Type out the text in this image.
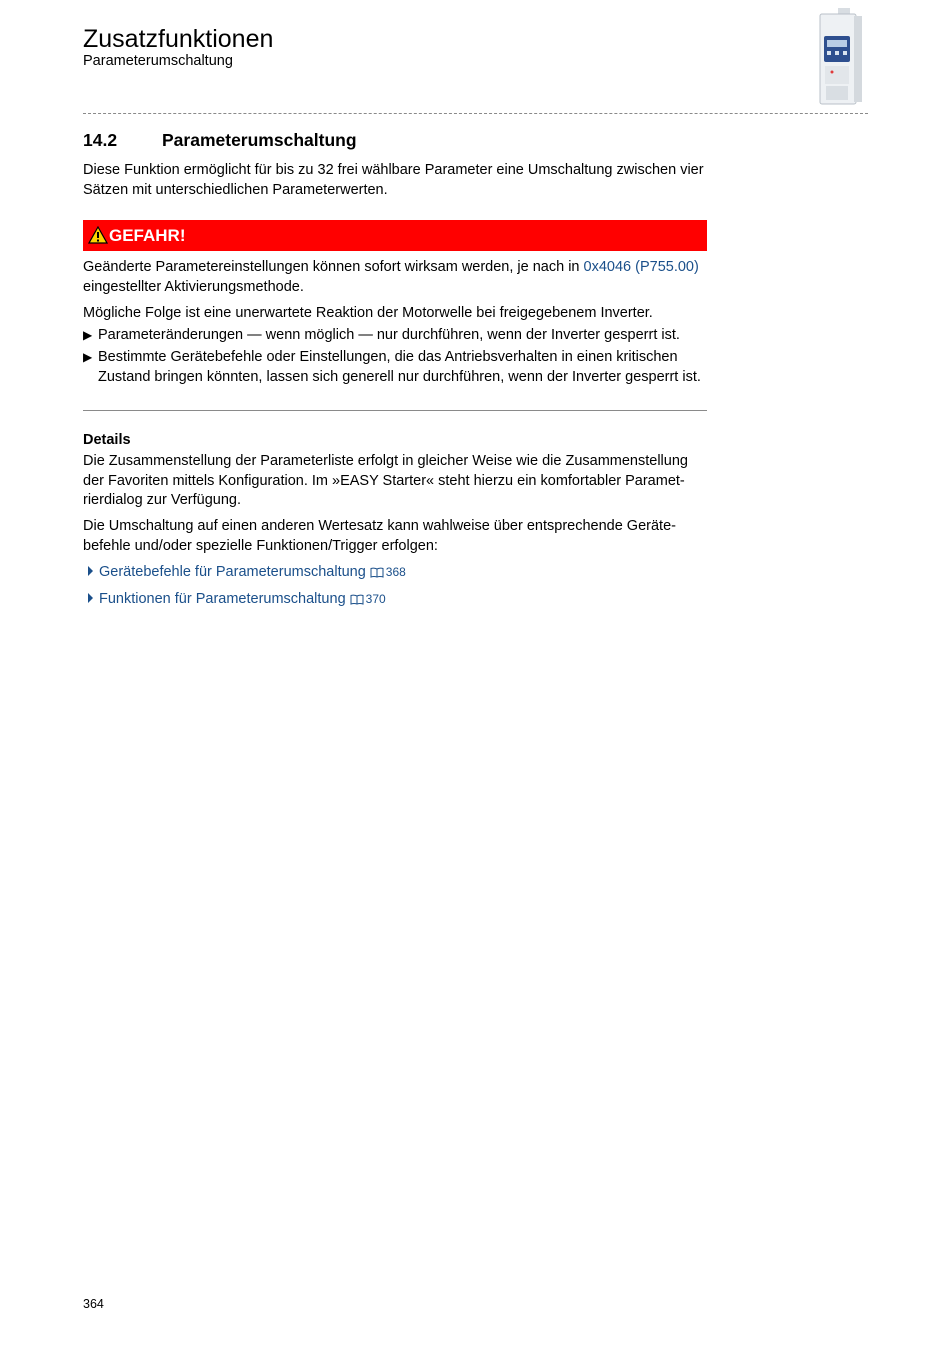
Zusatzfunktionen
Parameterumschaltung
14.2	Parameterumschaltung
Diese Funktion ermöglicht für bis zu 32 frei wählbare Parameter eine Umschaltung zwischen vier Sätzen mit unterschiedlichen Parameterwerten.
GEFAHR!
Geänderte Parametereinstellungen können sofort wirksam werden, je nach in 0x4046 (P755.00) eingestellter Aktivierungsmethode.
Mögliche Folge ist eine unerwartete Reaktion der Motorwelle bei freigegebenem Inverter.
▶ Parameteränderungen — wenn möglich — nur durchführen, wenn der Inverter gesperrt ist.
▶ Bestimmte Gerätebefehle oder Einstellungen, die das Antriebsverhalten in einen kritischen Zustand bringen könnten, lassen sich generell nur durchführen, wenn der Inverter gesperrt ist.
Details
Die Zusammenstellung der Parameterliste erfolgt in gleicher Weise wie die Zusammenstellung der Favoriten mittels Konfiguration. Im »EASY Starter« steht hierzu ein komfortabler Parametrierdialog zur Verfügung.
Die Umschaltung auf einen anderen Wertesatz kann wahlweise über entsprechende Gerätebefehle und/oder spezielle Funktionen/Trigger erfolgen:
Gerätebefehle für Parameterumschaltung 368
Funktionen für Parameterumschaltung 370
364
